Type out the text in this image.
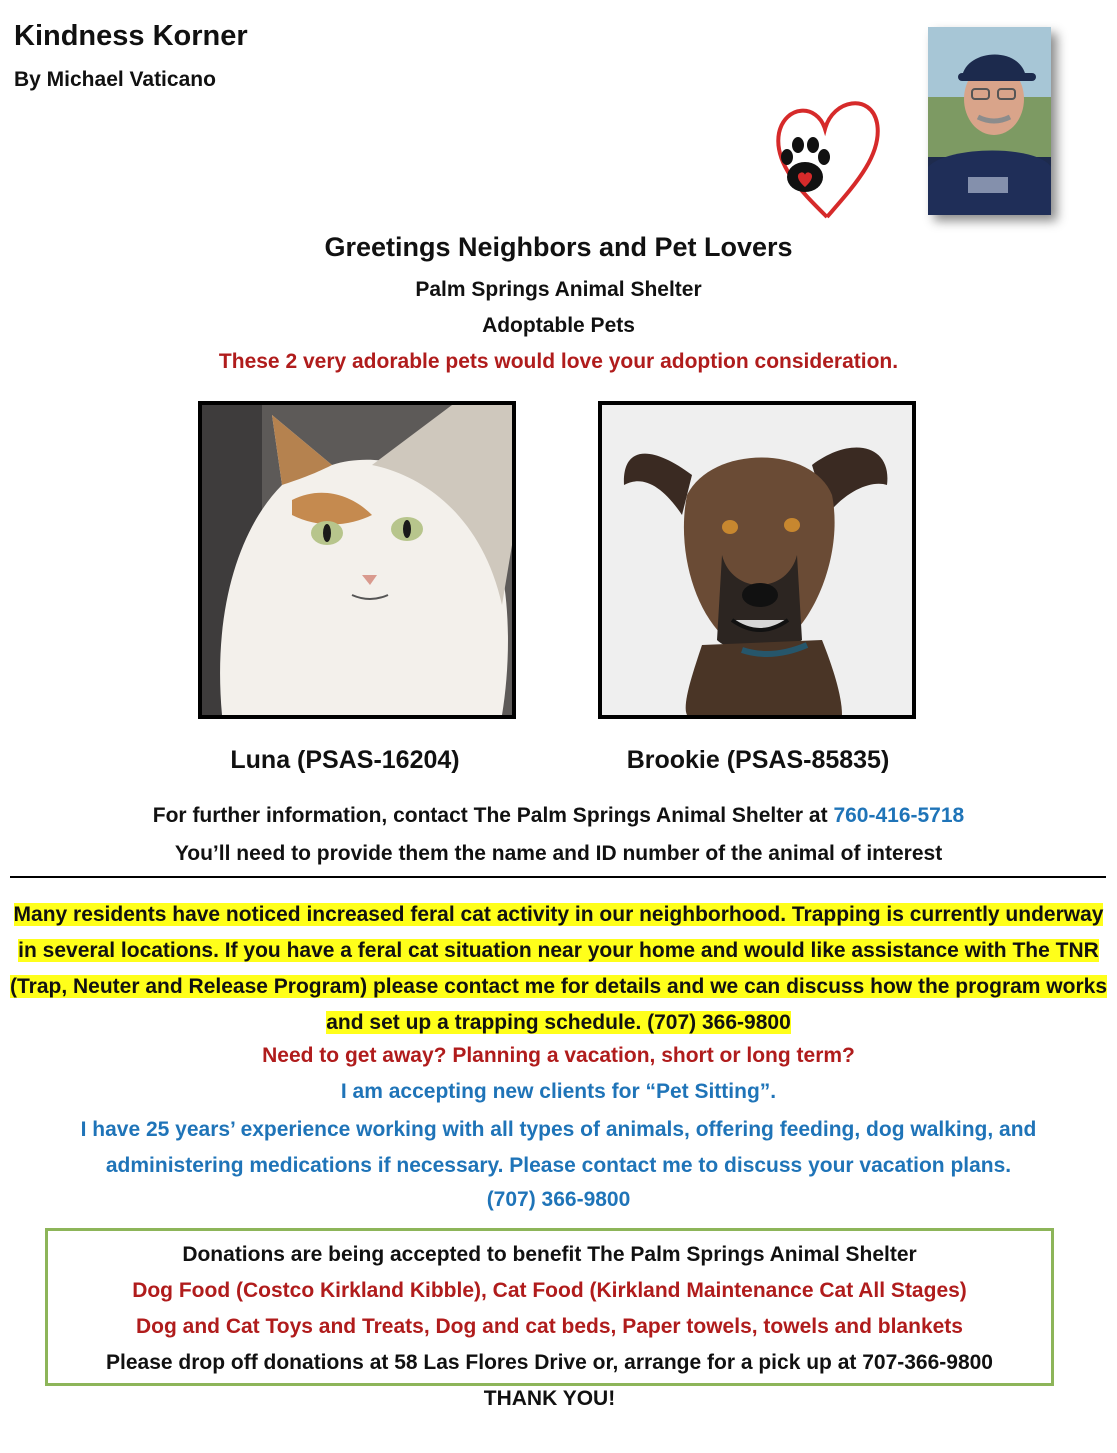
Kindness Korner
By Michael Vaticano
Greetings Neighbors and Pet Lovers
Palm Springs Animal Shelter
Adoptable Pets
These 2 very adorable pets would love your adoption consideration.
Luna (PSAS-16204)	Brookie (PSAS-85835)
For further information, contact The Palm Springs Animal Shelter at 760-416-5718
You’ll need to provide them the name and ID number of the animal of interest
Many residents have noticed increased feral cat activity in our neighborhood. Trapping is currently underway in several locations. If you have a feral cat situation near your home and would like assistance with The TNR (Trap, Neuter and Release Program) please contact me for details and we can discuss how the program works and set up a trapping schedule. (707) 366-9800
Need to get away? Planning a vacation, short or long term?
I am accepting new clients for “Pet Sitting”.
I have 25 years’ experience working with all types of animals, offering feeding, dog walking, and administering medications if necessary. Please contact me to discuss your vacation plans.
(707) 366-9800
Donations are being accepted to benefit The Palm Springs Animal Shelter
Dog Food (Costco Kirkland Kibble), Cat Food (Kirkland Maintenance Cat All Stages)
Dog and Cat Toys and Treats, Dog and cat beds, Paper towels, towels and blankets
Please drop off donations at 58 Las Flores Drive or, arrange for a pick up at 707-366-9800
THANK YOU!
